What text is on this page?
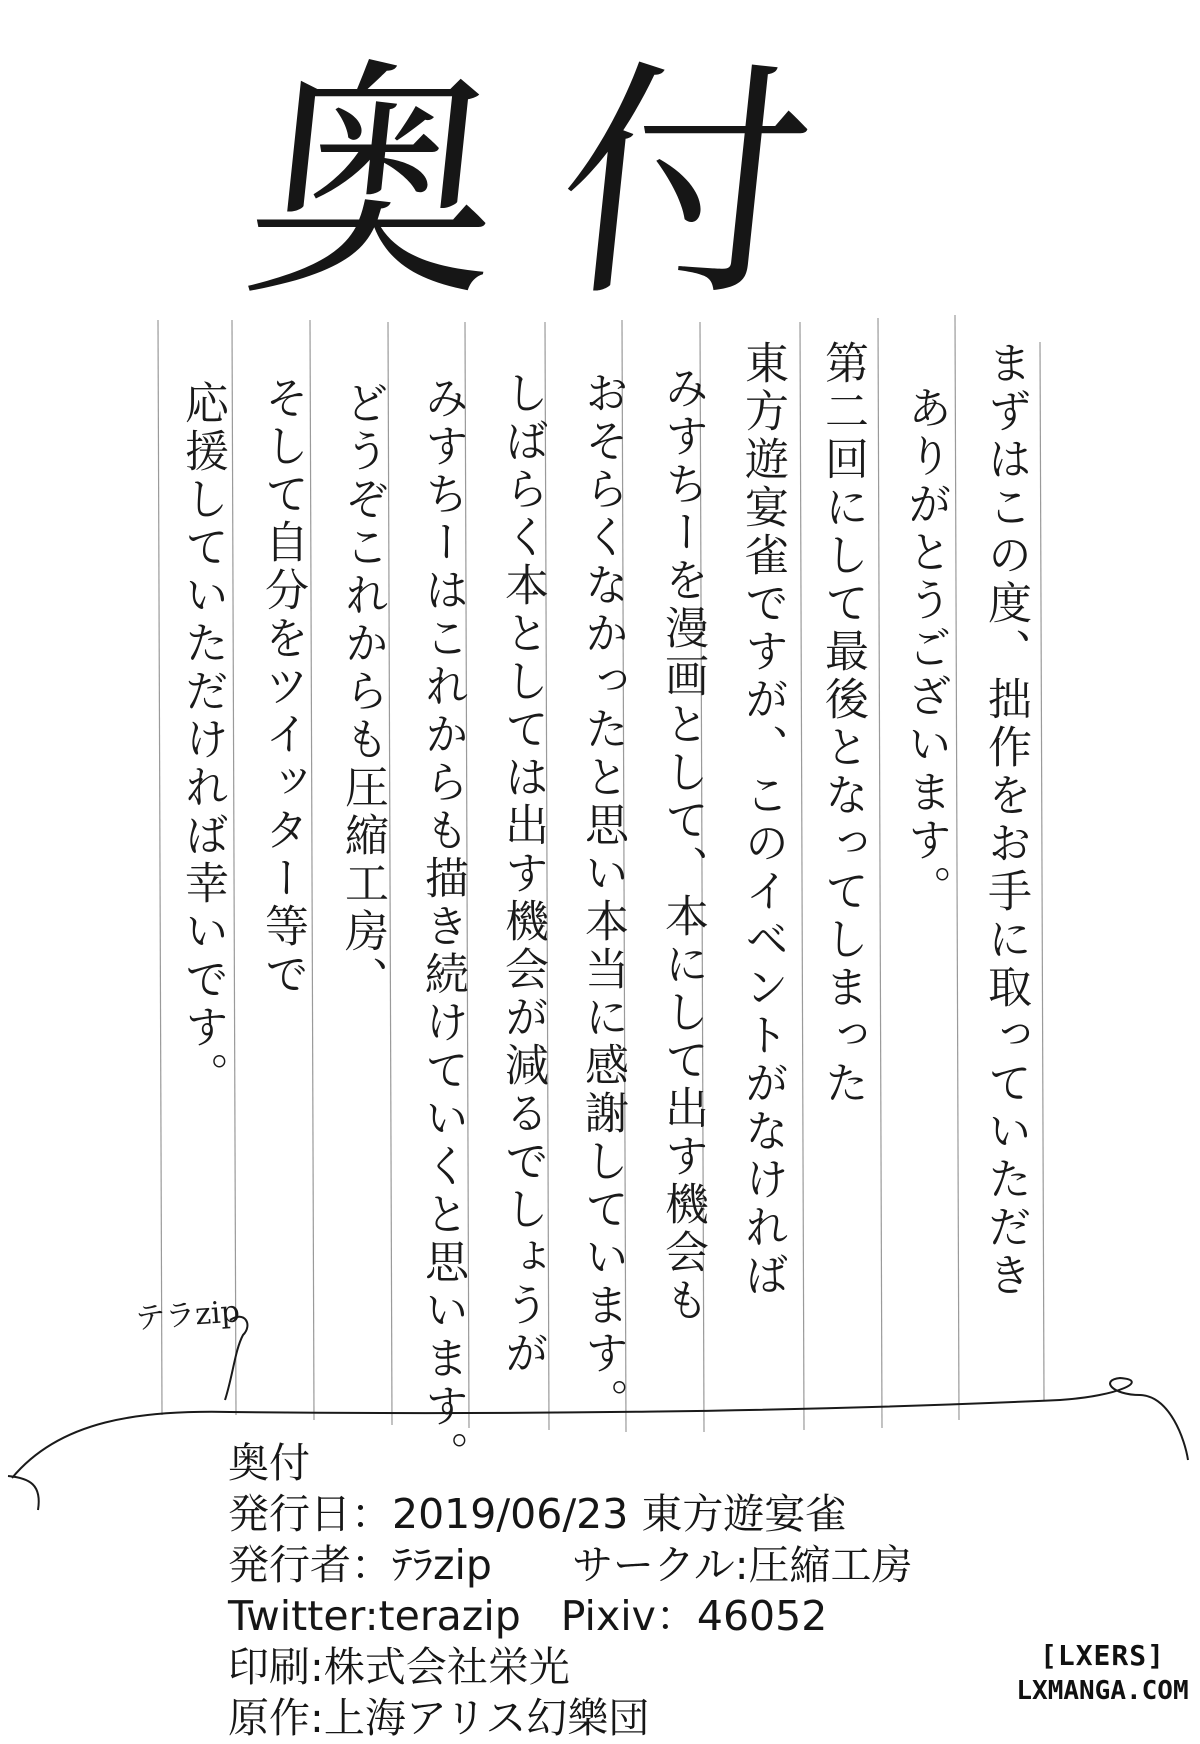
奥付
まずはこの度、拙作をお手に取っていただき
ありがとうございます。
第二回にして最後となってしまった
東方遊宴雀ですが、このイベントがなければ
みすちーを漫画として、本にして出す機会も
おそらくなかったと思い本当に感謝しています。
しばらく本としては出す機会が減るでしょうが
みすちーはこれからも描き続けていくと思います。
どうぞこれからも圧縮工房、
そして自分をツイッター等で
応援していただければ幸いです。
テラzip
奥付
発行日：2019/06/23 東方遊宴雀
発行者：ﾃﾗzip サークル:圧縮工房
Twitter:terazip Pixiv：46052
印刷:株式会社栄光
原作:上海アリス幻樂団
[LXERS]
LXMANGA.COM
